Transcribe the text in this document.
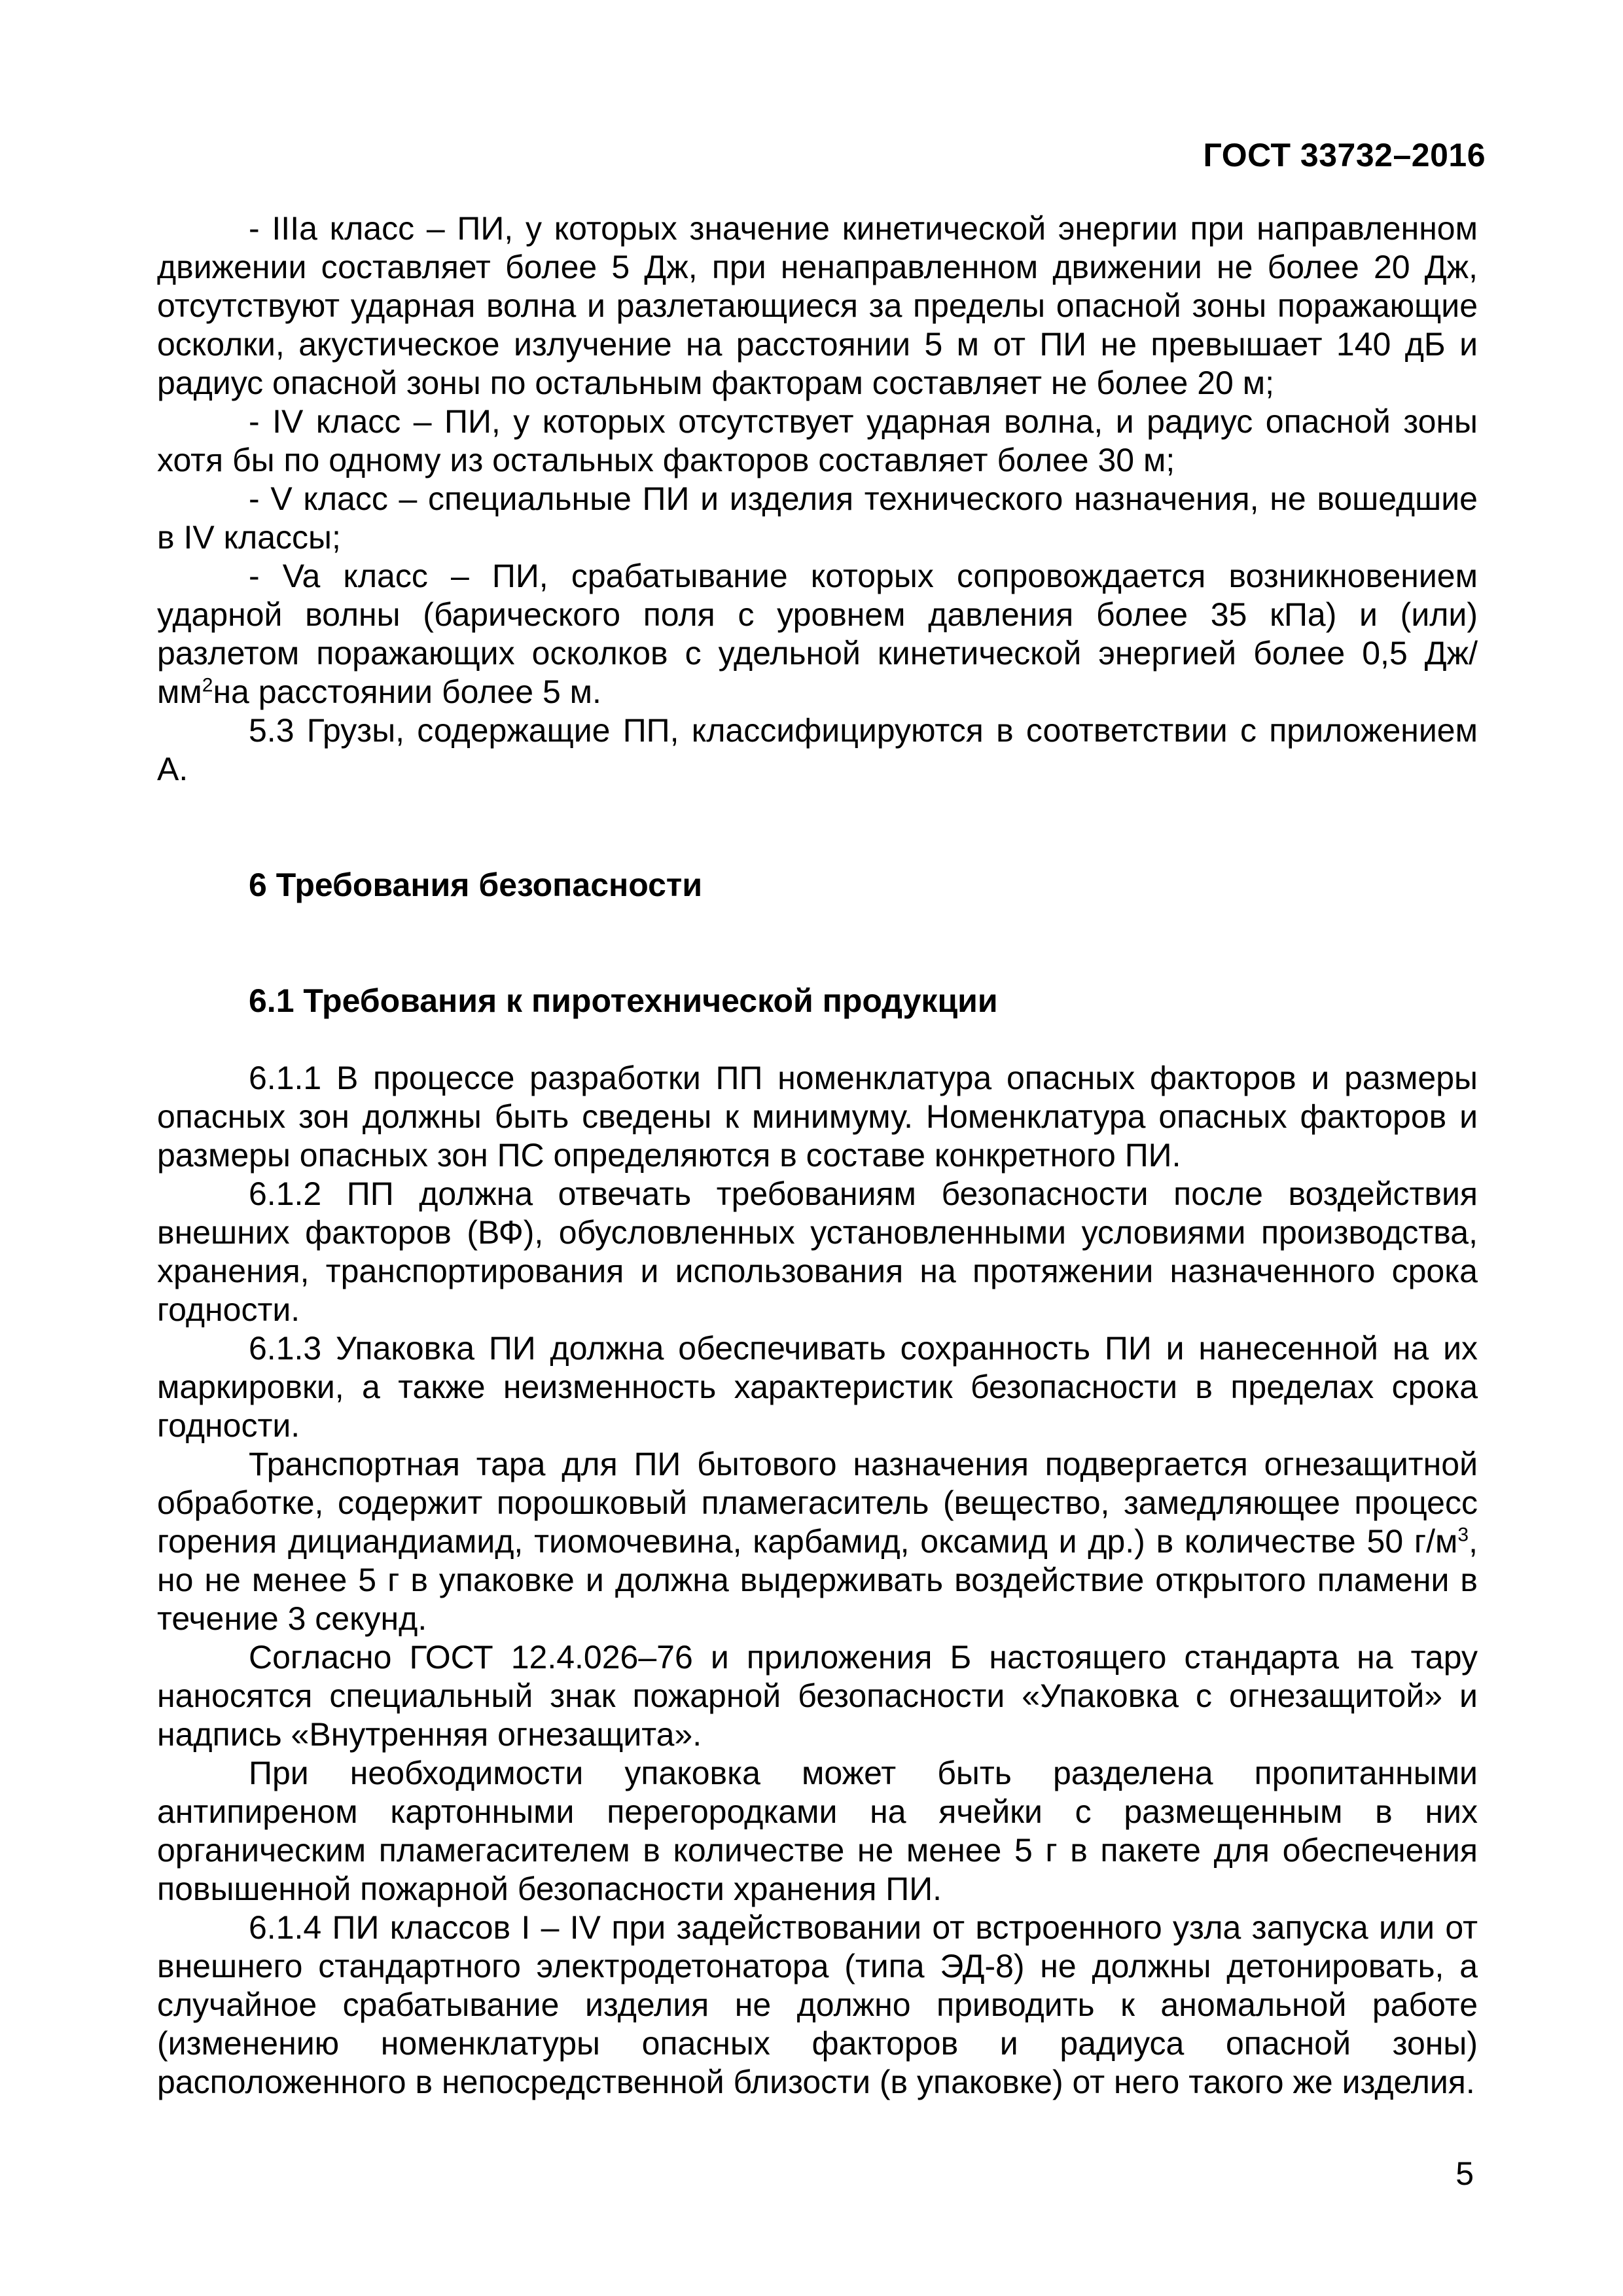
ГОСТ 33732–2016

- IIIa класс – ПИ, у которых значение кинетической энергии при направленном движении составляет более 5 Дж, при ненаправленном движении не более 20 Дж, отсутствуют ударная волна и разлетающиеся за пределы опасной зоны поражающие осколки, акустическое излучение на расстоянии 5 м от ПИ не превышает 140 дБ и радиус опасной зоны по остальным факторам составляет не более 20 м;

- IV класс – ПИ, у которых отсутствует ударная волна, и радиус опасной зоны хотя бы по одному из остальных факторов составляет более 30 м;

- V класс – специальные ПИ и изделия технического назначения, не вошедшие в IV классы;

- Va класс – ПИ, срабатывание которых сопровождается возникновением ударной волны (барического поля с уровнем давления более 35 кПа) и (или) разлетом поражающих осколков с удельной кинетической энергией более 0,5 $Дж/мм^2на$ расстоянии более 5 м.

5.3 Грузы, содержащие ПП, классифицируются в соответствии с приложением А.

6 Требования безопасности
6.1 Требования к пиротехнической продукции

6.1.1 В процессе разработки ПП номенклатура опасных факторов и размеры опасных зон должны быть сведены к минимуму. Номенклатура опасных факторов и размеры опасных зон ПС определяются в составе конкретного ПИ.

6.1.2 ПП должна отвечать требованиям безопасности после воздействия внешних факторов (ВФ), обусловленных установленными условиями производства, хранения, транспортирования и использования на протяжении назначенного срока годности.

6.1.3 Упаковка ПИ должна обеспечивать сохранность ПИ и нанесенной на их маркировки, а также неизменность характеристик безопасности в пределах срока годности.

Транспортная тара для ПИ бытового назначения подвергается огнезащитной обработке, содержит порошковый пламегаситель (вещество, замедляющее процесс горения дициандиамид, тиомочевина, карбамид, оксамид и др.) в количестве 50 $г/м^3$, но не менее 5 г в упаковке и должна выдерживать воздействие открытого пламени в течение 3 секунд.

Согласно ГОСТ 12.4.026–76 и приложения Б настоящего стандарта на тару наносятся специальный знак пожарной безопасности «Упаковка с огнезащитой» и надпись «Внутренняя огнезащита».

При необходимости упаковка может быть разделена пропитанными антипиреном картонными перегородками на ячейки с размещенным в них органическим пламегасителем в количестве не менее 5 г в пакете для обеспечения повышенной пожарной безопасности хранения ПИ.

6.1.4 ПИ классов I – IV при задействовании от встроенного узла запуска или от внешнего стандартного электродетонатора (типа ЭД-8) не должны детонировать, а случайное срабатывание изделия не должно приводить к аномальной работе (изменению номенклатуры опасных факторов и радиуса опасной зоны) расположенного в непосредственной близости (в упаковке) от него такого же изделия.

5
